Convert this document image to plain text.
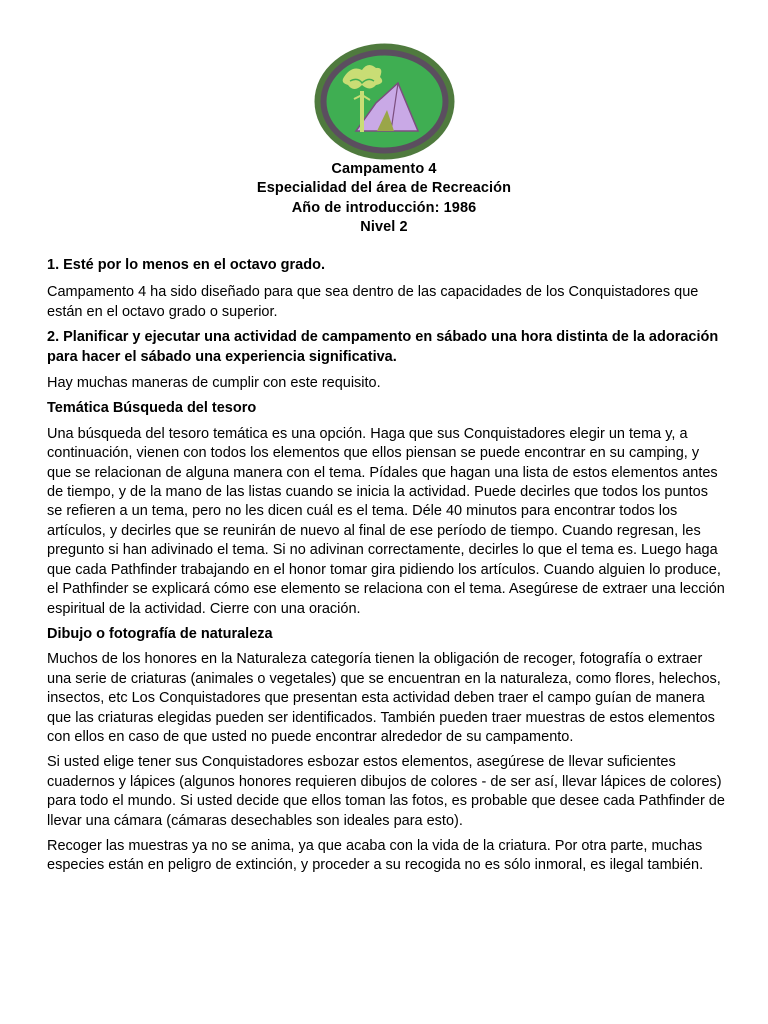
Campamento 4
Especialidad del área de Recreación
Año de introducción: 1986
Nivel 2

1. Esté por lo menos en el octavo grado.

Campamento 4 ha sido diseñado para que sea dentro de las capacidades de los Conquistadores que están en el octavo grado o superior.

2. Planificar y ejecutar una actividad de campamento en sábado una hora distinta de la adoración para hacer el sábado una experiencia significativa.

Hay muchas maneras de cumplir con este requisito.

Temática Búsqueda del tesoro

Una búsqueda del tesoro temática es una opción. Haga que sus Conquistadores elegir un tema y, a continuación, vienen con todos los elementos que ellos piensan se puede encontrar en su camping, y que se relacionan de alguna manera con el tema. Pídales que hagan una lista de estos elementos antes de tiempo, y de la mano de las listas cuando se inicia la actividad. Puede decirles que todos los puntos se refieren a un tema, pero no les dicen cuál es el tema. Déle 40 minutos para encontrar todos los artículos, y decirles que se reunirán de nuevo al final de ese período de tiempo. Cuando regresan, les pregunto si han adivinado el tema. Si no adivinan correctamente, decirles lo que el tema es. Luego haga que cada Pathfinder trabajando en el honor tomar gira pidiendo los artículos. Cuando alguien lo produce, el Pathfinder se explicará cómo ese elemento se relaciona con el tema. Asegúrese de extraer una lección espiritual de la actividad. Cierre con una oración.

Dibujo o fotografía de naturaleza

Muchos de los honores en la Naturaleza categoría tienen la obligación de recoger, fotografía o extraer una serie de criaturas (animales o vegetales) que se encuentran en la naturaleza, como flores, helechos, insectos, etc Los Conquistadores que presentan esta actividad deben traer el campo guían de manera que las criaturas elegidas pueden ser identificados. También pueden traer muestras de estos elementos con ellos en caso de que usted no puede encontrar alrededor de su campamento.

Si usted elige tener sus Conquistadores esbozar estos elementos, asegúrese de llevar suficientes cuadernos y lápices (algunos honores requieren dibujos de colores - de ser así, llevar lápices de colores) para todo el mundo. Si usted decide que ellos toman las fotos, es probable que desee cada Pathfinder de llevar una cámara (cámaras desechables son ideales para esto).

Recoger las muestras ya no se anima, ya que acaba con la vida de la criatura. Por otra parte, muchas especies están en peligro de extinción, y proceder a su recogida no es sólo inmoral, es ilegal también.
